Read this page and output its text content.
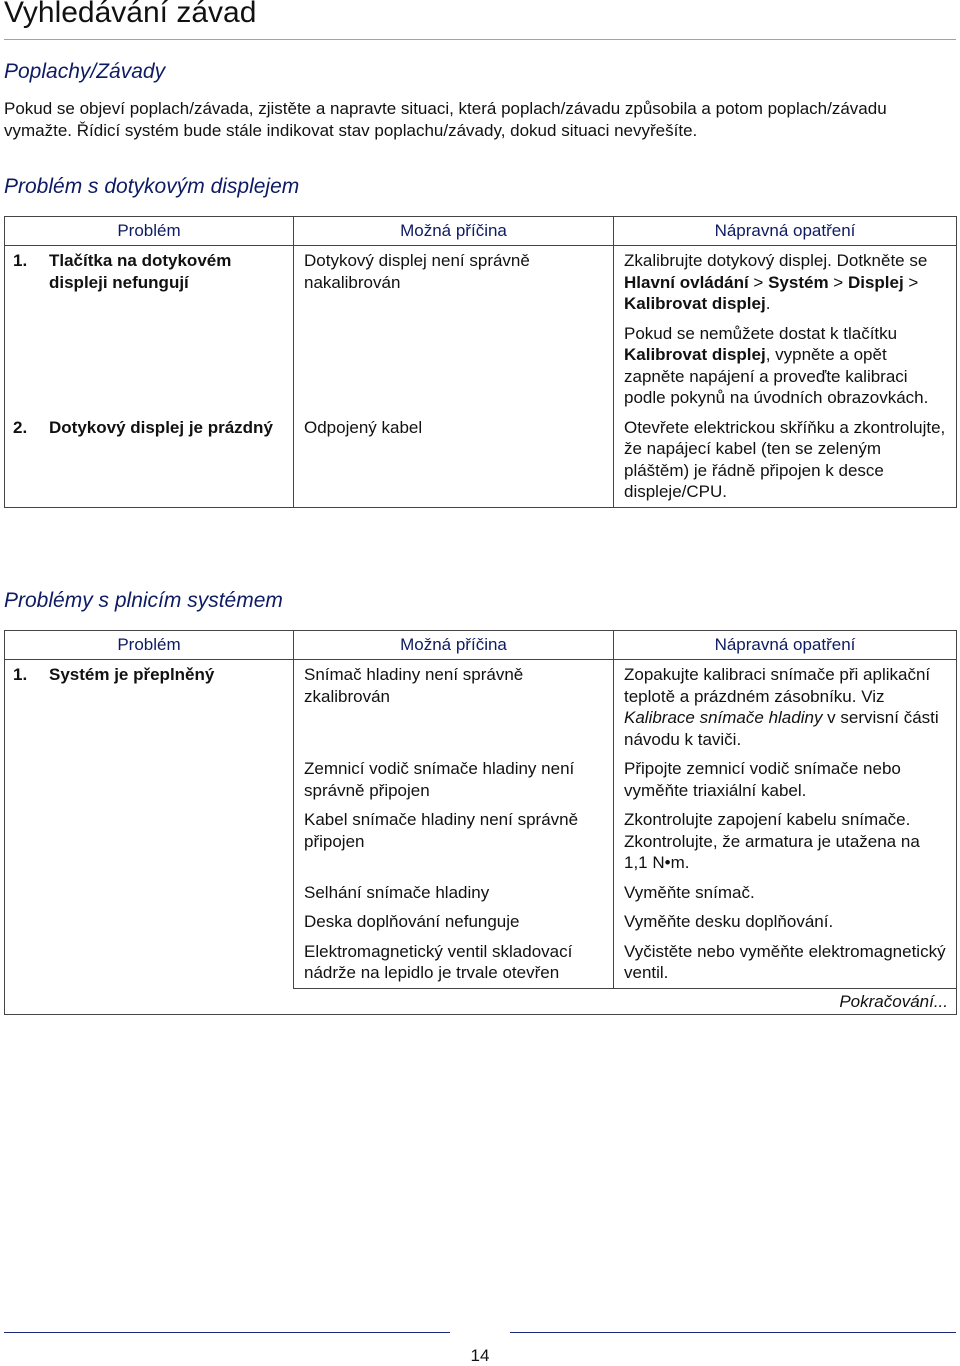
Vyhledávání závad
Poplachy/Závady

Pokud se objeví poplach/závada, zjistěte a napravte situaci, která poplach/závadu způsobila a potom poplach/závadu vymažte. Řídicí systém bude stále indikovat stav poplachu/závady, dokud situaci nevyřešíte.

Problém s dotykovým displejem
Problém	Možná příčina	Nápravná opatření
1. Tlačítka na dotykovém displeji nefungují	Dotykový displej není správně nakalibrován	Zkalibrujte dotykový displej. Dotkněte se Hlavní ovládání > Systém > Displej > Kalibrovat displej.

Pokud se nemůžete dostat k tlačítku Kalibrovat displej, vypněte a opět zapněte napájení a proveďte kalibraci podle pokynů na úvodních obrazovkách.

2. Dotykový displej je prázdný	Odpojený kabel	Otevřete elektrickou skříňku a zkontrolujte, že napájecí kabel (ten se zeleným pláštěm) je řádně připojen k desce displeje/CPU.
Problémy s plnicím systémem
Problém	Možná příčina	Nápravná opatření
1. Systém je přeplněný	Snímač hladiny není správně zkalibrován	Zopakujte kalibraci snímače při aplikační teplotě a prázdném zásobníku. Viz Kalibrace snímače hladiny v servisní části návodu k taviči.
	Zemnicí vodič snímače hladiny není správně připojen	Připojte zemnicí vodič snímače nebo vyměňte triaxiální kabel.
	Kabel snímače hladiny není správně připojen	Zkontrolujte zapojení kabelu snímače. Zkontrolujte, že armatura je utažena na 1,1 N•m.
	Selhání snímače hladiny	Vyměňte snímač.
	Deska doplňování nefunguje	Vyměňte desku doplňování.
	Elektromagnetický ventil skladovací nádrže na lepidlo je trvale otevřen	Vyčistěte nebo vyměňte elektromagnetický ventil.
Pokračování...		
14
